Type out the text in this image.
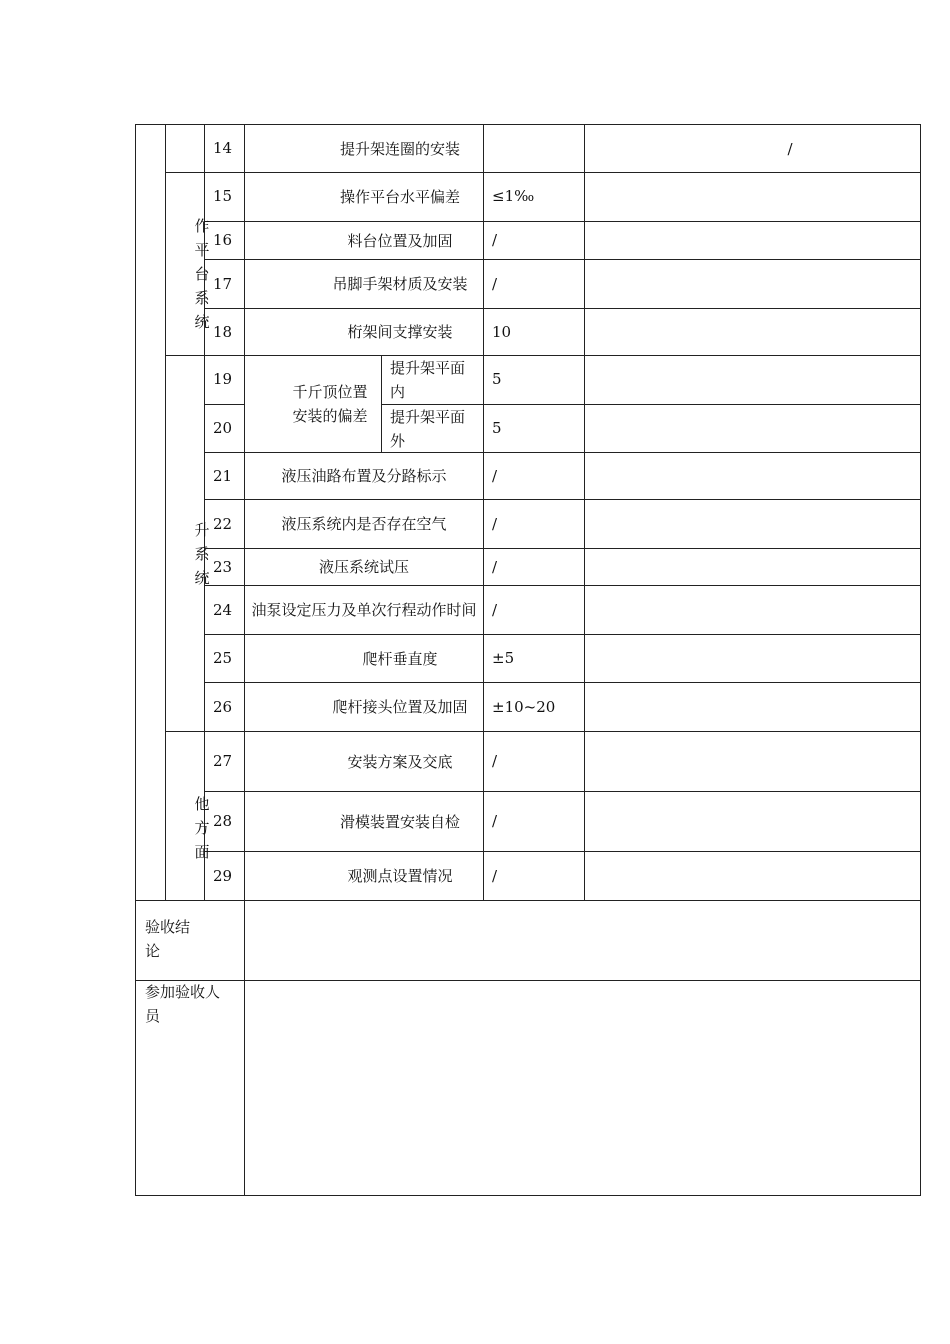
作平台系统
升系统
他方面
14
15
16
17
18
19
20
21
22
23
24
25
26
27
28
29
提升架连圈的安装
操作平台水平偏差
料台位置及加固
吊脚手架材质及安装
桁架间支撑安装
千斤顶位置安装的偏差
提升架平面内
提升架平面外
液压油路布置及分路标示
液压系统内是否存在空气
液压系统试压
油泵设定压力及单次行程动作时间
爬杆垂直度
爬杆接头位置及加固
安装方案及交底
滑模装置安装自检
观测点设置情况
≤1‰
/
/
10
5
5
/
/
/
/
±5
±10~20
/
/
/
/
验收结论
参加验收人员
